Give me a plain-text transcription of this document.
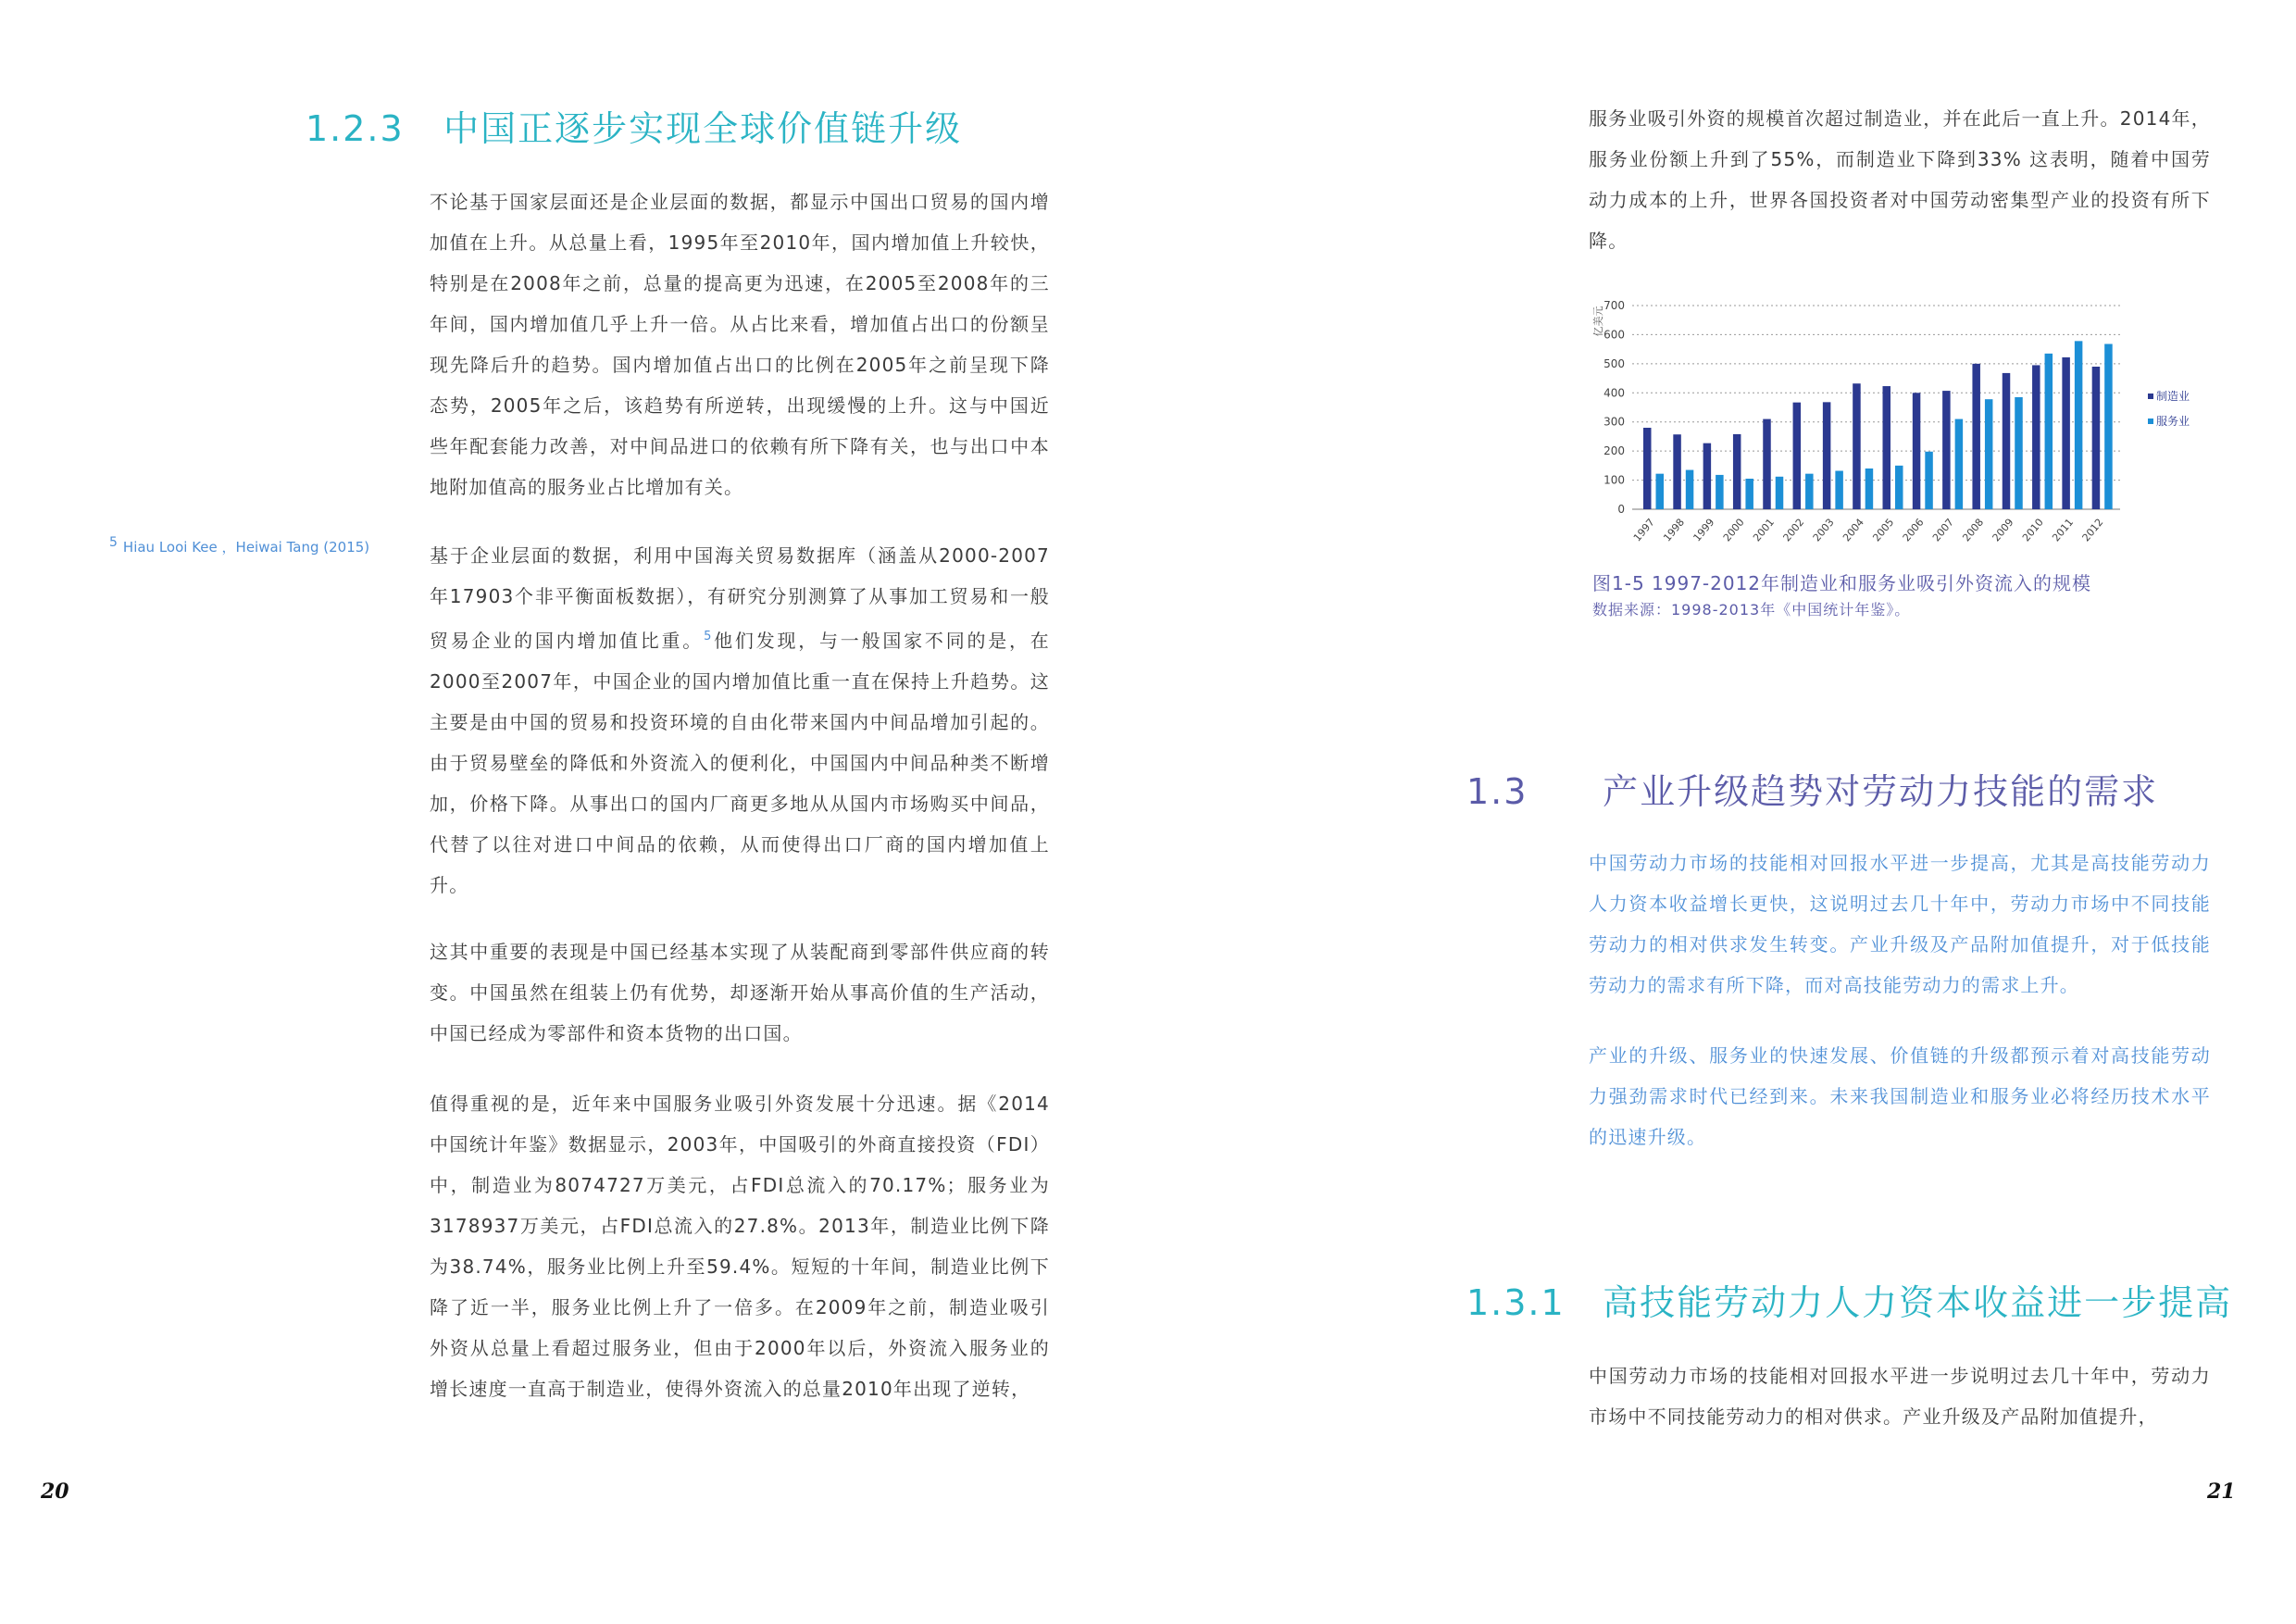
1.2.3 中国正逐步实现全球价值链升级

不论基于国家层面还是企业层面的数据，都显示中国出口贸易的国内增加值在上升。从总量上看，1995年至2010年，国内增加值上升较快，特别是在2008年之前，总量的提高更为迅速，在2005至2008年的三年间，国内增加值几乎上升一倍。从占比来看，增加值占出口的份额呈现先降后升的趋势。国内增加值占出口的比例在2005年之前呈现下降态势，2005年之后，该趋势有所逆转，出现缓慢的上升。这与中国近些年配套能力改善，对中间品进口的依赖有所下降有关，也与出口中本地附加值高的服务业占比增加有关。

$^5$ Hiau Looi Kee ，Heiwai Tang (2015)	基于企业层面的数据，利用中国海关贸易数据库（涵盖从2000-2007年17903个非平衡面板数据），有研究分别测算了从事加工贸易和一般贸易企业的国内增加值比重。$^5$他们发现，与一般国家不同的是，在2000至2007年，中国企业的国内增加值比重一直在保持上升趋势。这主要是由中国的贸易和投资环境的自由化带来国内中间品增加引起的。由于贸易壁垒的降低和外资流入的便利化，中国国内中间品种类不断增加，价格下降。从事出口的国内厂商更多地从从国内市场购买中间品，代替了以往对进口中间品的依赖，从而使得出口厂商的国内增加值上升。

这其中重要的表现是中国已经基本实现了从装配商到零部件供应商的转变。中国虽然在组装上仍有优势，却逐渐开始从事高价值的生产活动，中国已经成为零部件和资本货物的出口国。

值得重视的是，近年来中国服务业吸引外资发展十分迅速。据《2014中国统计年鉴》数据显示，2003年，中国吸引的外商直接投资（FDI）中，制造业为8074727万美元，占FDI总流入的70.17%；服务业为3178937万美元，占FDI总流入的27.8%。2013年，制造业比例下降为38.74%，服务业比例上升至59.4%。短短的十年间，制造业比例下降了近一半，服务业比例上升了一倍多。在2009年之前，制造业吸引外资从总量上看超过服务业，但由于2000年以后，外资流入服务业的增长速度一直高于制造业，使得外资流入的总量2010年出现了逆转，

20

服务业吸引外资的规模首次超过制造业，并在此后一直上升。2014年，服务业份额上升到了55%，而制造业下降到33% 这表明，随着中国劳动力成本的上升，世界各国投资者对中国劳动密集型产业的投资有所下降。

亿美元
0
100
200
300
400
500
600
700
1997 1998 1999 2000 2001 2002 2003 2004 2005 2006 2007 2008 2009 2010 2011 2012
制造业
服务业
图1-5 1997-2012年制造业和服务业吸引外资流入的规模
数据来源：1998-2013年《中国统计年鉴》。
1.3 产业升级趋势对劳动力技能的需求

中国劳动力市场的技能相对回报水平进一步提高，尤其是高技能劳动力人力资本收益增长更快，这说明过去几十年中，劳动力市场中不同技能劳动力的相对供求发生转变。产业升级及产品附加值提升，对于低技能劳动力的需求有所下降，而对高技能劳动力的需求上升。

产业的升级、服务业的快速发展、价值链的升级都预示着对高技能劳动力强劲需求时代已经到来。未来我国制造业和服务业必将经历技术水平的迅速升级。

1.3.1 高技能劳动力人力资本收益进一步提高

中国劳动力市场的技能相对回报水平进一步说明过去几十年中，劳动力市场中不同技能劳动力的相对供求。产业升级及产品附加值提升，

21
